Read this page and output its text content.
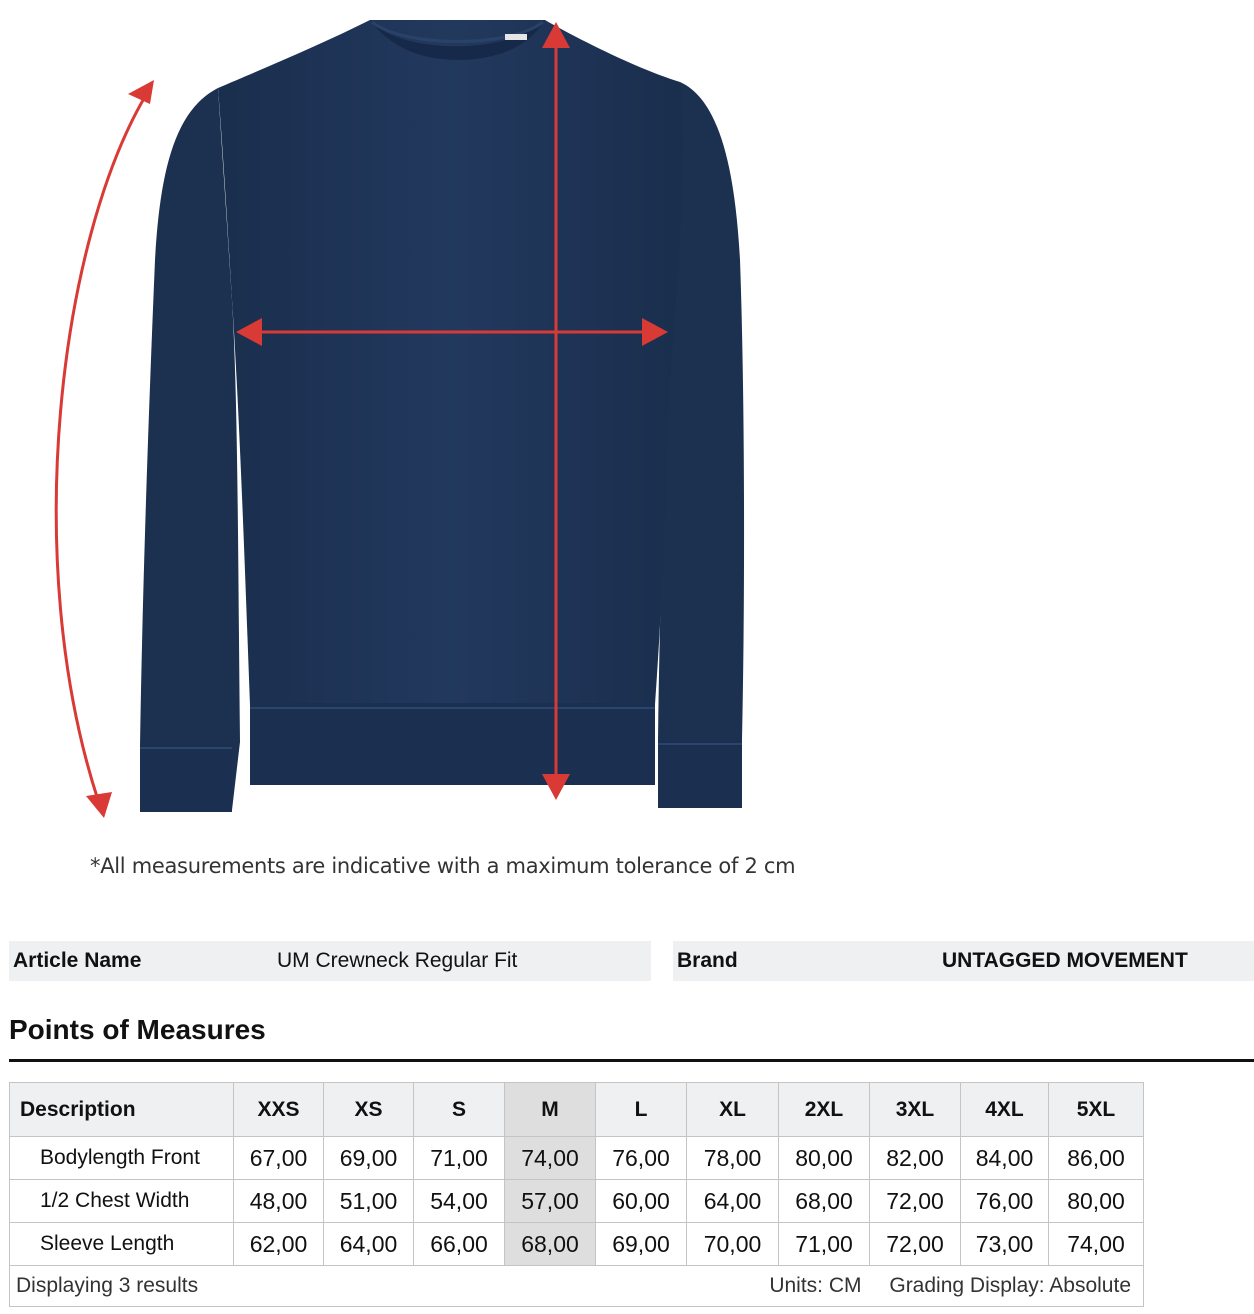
*All measurements are indicative with a maximum tolerance of 2 cm
Article Name	UM Crewneck Regular Fit	Brand	UNTAGGED MOVEMENT
Points of Measures
Description	XXS	XS	S	M	L	XL	2XL	3XL	4XL	5XL
Bodylength Front	67,00	69,00	71,00	74,00	76,00	78,00	80,00	82,00	84,00	86,00
1/2 Chest Width	48,00	51,00	54,00	57,00	60,00	64,00	68,00	72,00	76,00	80,00
Sleeve Length	62,00	64,00	66,00	68,00	69,00	70,00	71,00	72,00	73,00	74,00

Displaying 3 results Units: CM Grading Display: Absolute										
